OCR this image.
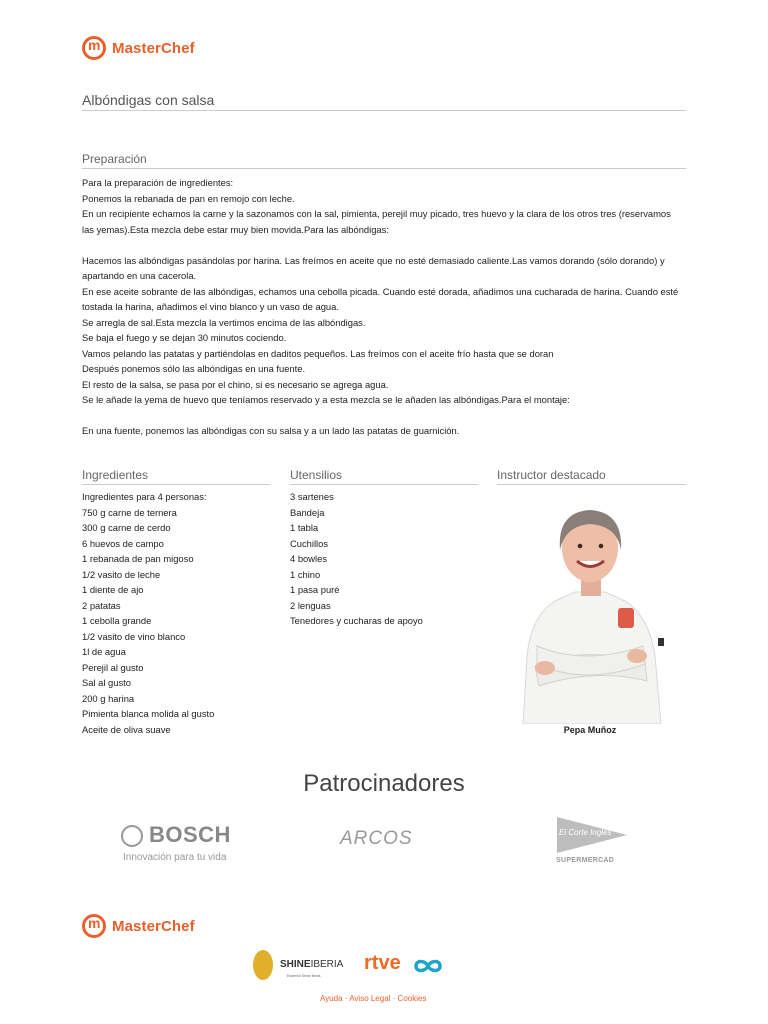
m
MasterChef
Albóndigas con salsa
Preparación
Para la preparación de ingredientes:
Ponemos la rebanada de pan en remojo con leche.
En un recipiente echamos la carne y la sazonamos con la sal, pimienta, perejil muy picado, tres huevo y la clara de los otros tres (reservamos
las yemas).Esta mezcla debe estar muy bien movida.Para las albóndigas:
Hacemos las albóndigas pasándolas por harina. Las freímos en aceite que no esté demasiado caliente.Las vamos dorando (sólo dorando) y
apartando en una cacerola.
En ese aceite sobrante de las albóndigas, echamos una cebolla picada. Cuando esté dorada, añadimos una cucharada de harina. Cuando esté
tostada la harina, añadimos el vino blanco y un vaso de agua.
Se arregla de sal.Esta mezcla la vertimos encima de las albóndigas.
Se baja el fuego y se dejan 30 minutos cociendo.
Vamos pelando las patatas y partiéndolas en daditos pequeños. Las freímos con el aceite frío hasta que se doran
Después ponemos sólo las albóndigas en una fuente.
El resto de la salsa, se pasa por el chino, si es necesario se agrega agua.
Se le añade la yema de huevo que teníamos reservado y a esta mezcla se le añaden las albóndigas.Para el montaje:
En una fuente, ponemos las albóndigas con su salsa y a un lado las patatas de guarnición.
Ingredientes
Ingredientes para 4 personas:
750 g carne de ternera
300 g carne de cerdo
6 huevos de campo
1 rebanada de pan migoso
1/2 vasito de leche
1 diente de ajo
2 patatas
1 cebolla grande
1/2 vasito de vino blanco
1l de agua
Perejil al gusto
Sal al gusto
200 g harina
Pimienta blanca molida al gusto
Aceite de oliva suave
Utensilios
3 sartenes
Bandeja
1 tabla
Cuchillos
4 bowles
1 chino
1 pasa puré
2 lenguas
Tenedores y cucharas de apoyo
Instructor destacado
Pepa Muñoz
Patrocinadores
BOSCH
Innovación para tu vida
ARCOS	El Corte Inglés
SUPERMERCAD
m
MasterChef
SHINEIBERIA
Endemol Shine Iberia
rtve
Ayuda · Aviso Legal · Cookies
